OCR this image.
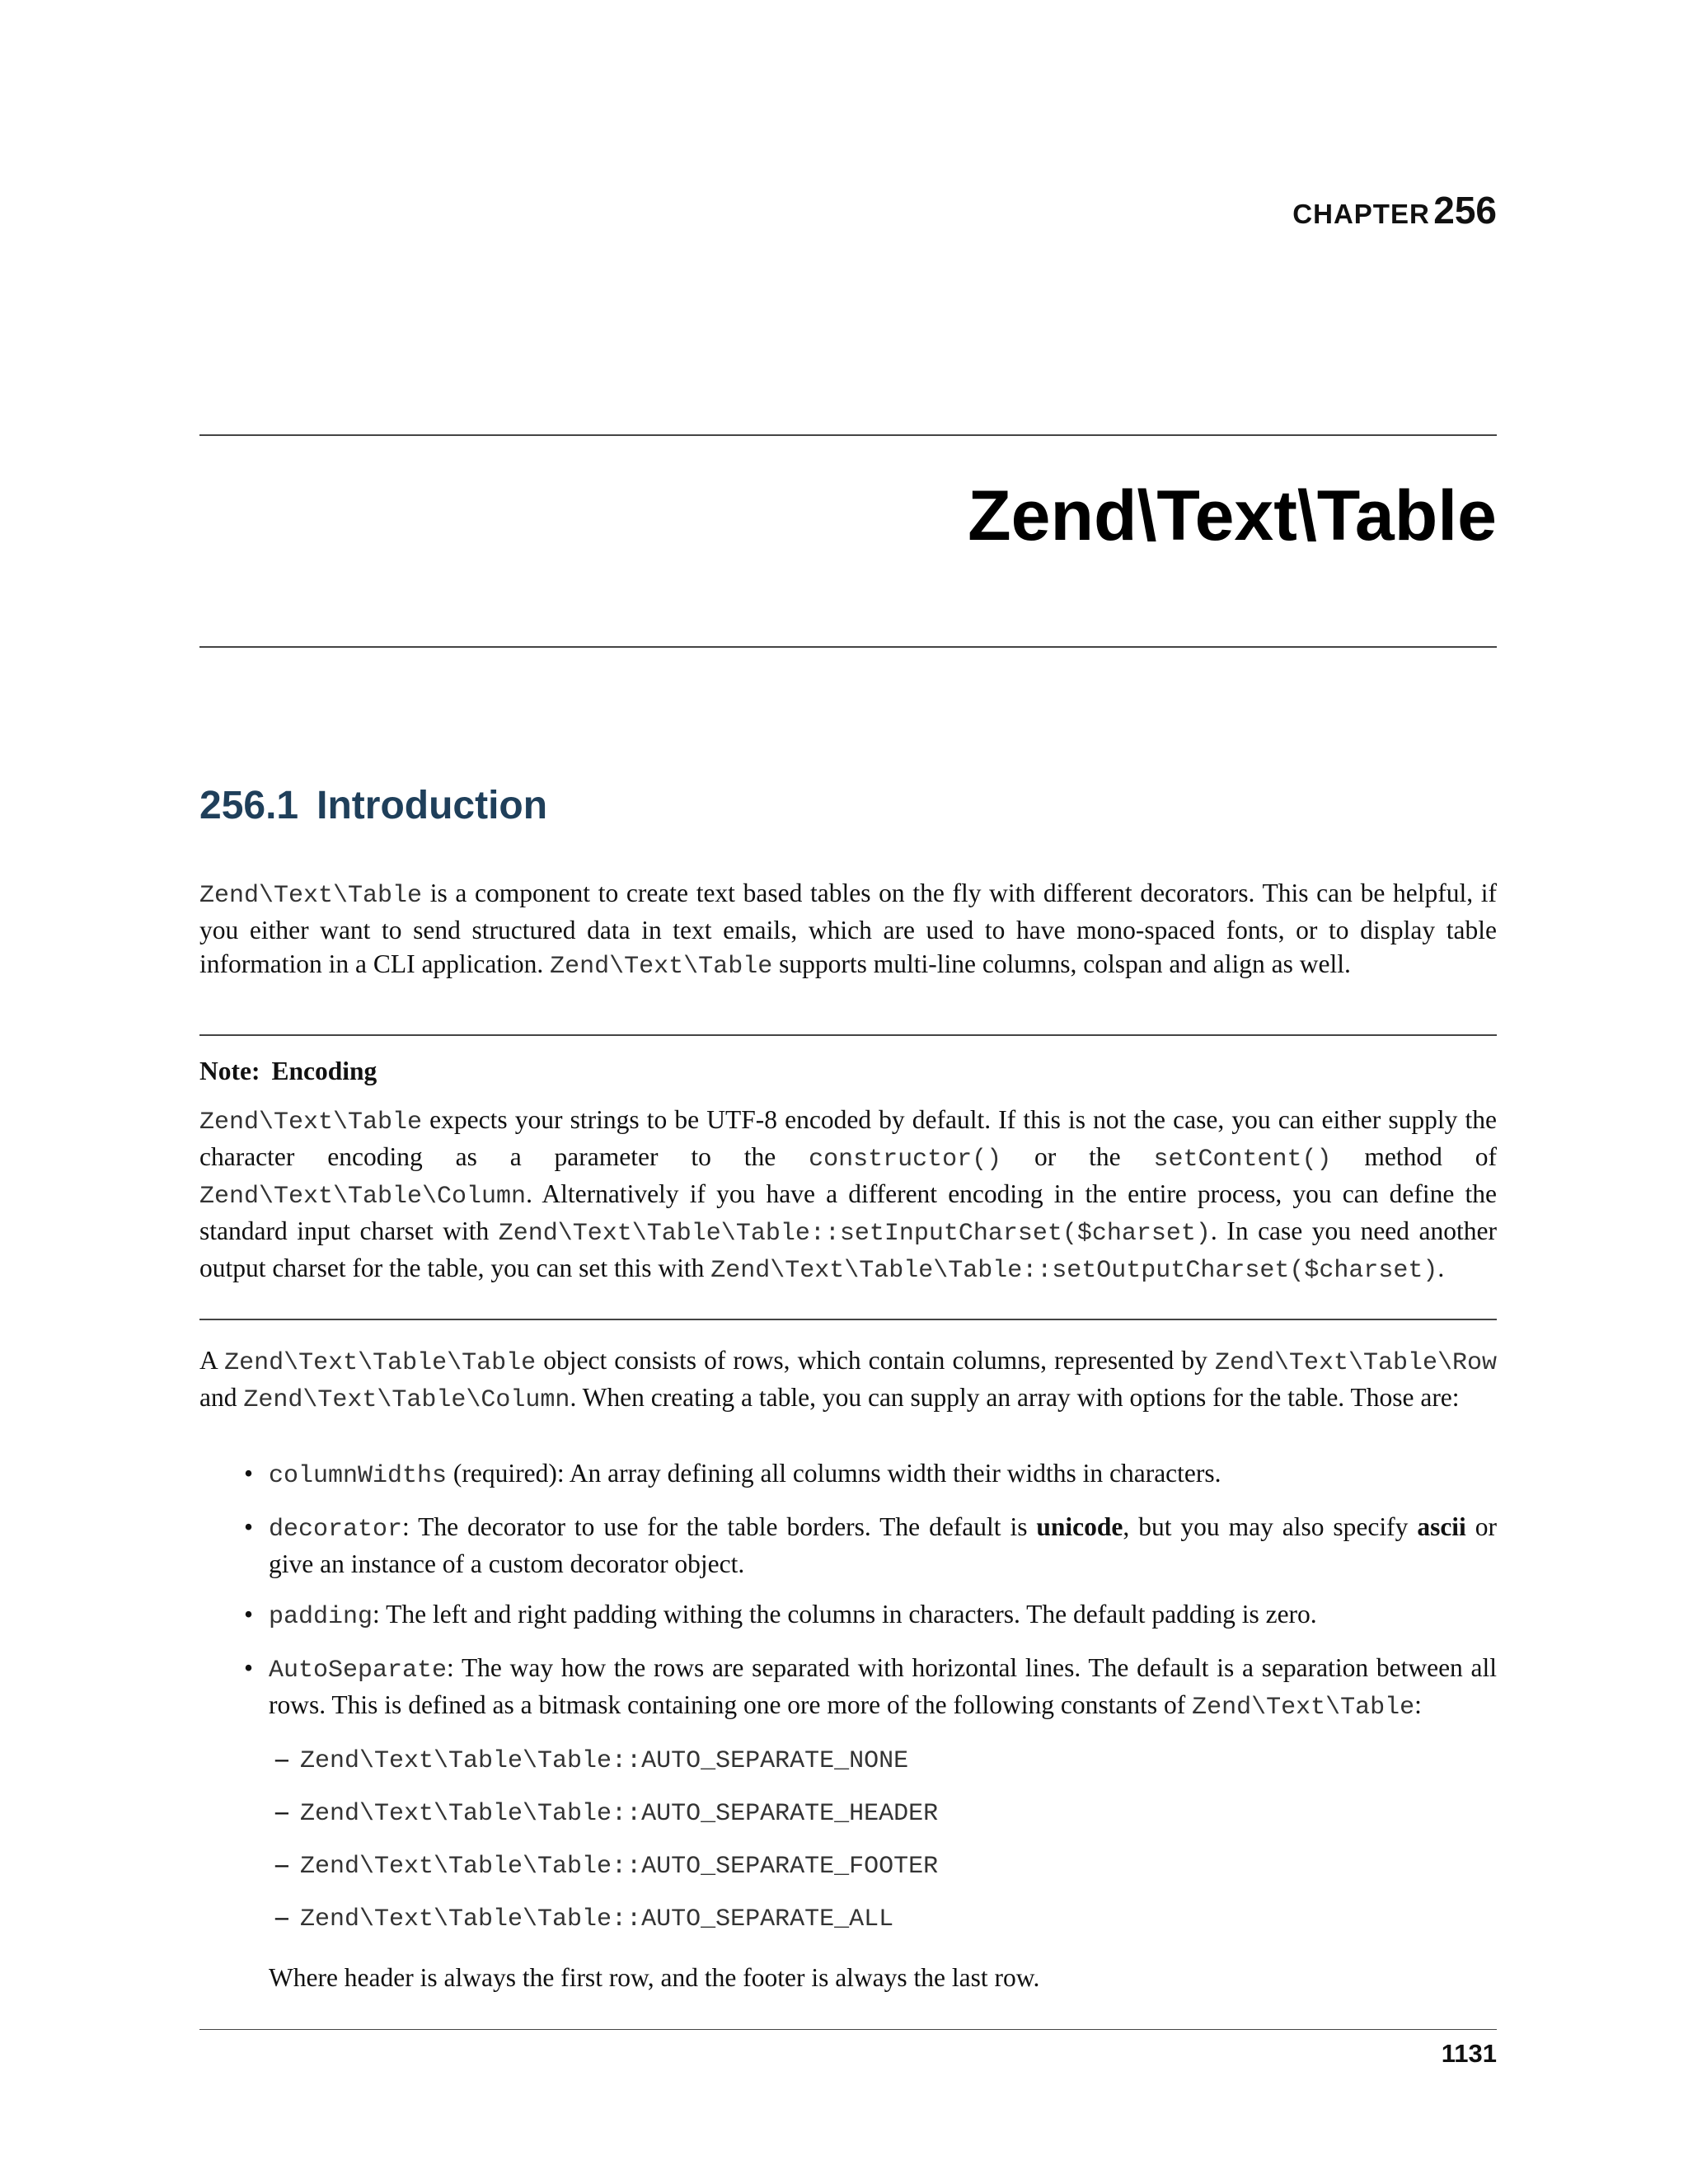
CHAPTER 256
Zend\Text\Table
256.1 Introduction

Zend\Text\Table is a component to create text based tables on the fly with different decorators. This can be helpful, if you either want to send structured data in text emails, which are used to have mono-spaced fonts, or to display table information in a CLI application. Zend\Text\Table supports multi-line columns, colspan and align as well.

Note: Encoding

Zend\Text\Table expects your strings to be UTF-8 encoded by default. If this is not the case, you can either supply the character encoding as a parameter to the constructor() or the setContent() method of Zend\Text\Table\Column. Alternatively if you have a different encoding in the entire process, you can define the standard input charset with Zend\Text\Table\Table::setInputCharset($charset). In case you need another output charset for the table, you can set this with Zend\Text\Table\Table::setOutputCharset($charset).

A Zend\Text\Table\Table object consists of rows, which contain columns, represented by Zend\Text\Table\Row and Zend\Text\Table\Column. When creating a table, you can supply an array with options for the table. Those are:

• columnWidths (required): An array defining all columns width their widths in characters.
• decorator: The decorator to use for the table borders. The default is unicode, but you may also specify ascii or give an instance of a custom decorator object.
• padding: The left and right padding withing the columns in characters. The default padding is zero.
• AutoSeparate: The way how the rows are separated with horizontal lines. The default is a separation between all rows. This is defined as a bitmask containing one ore more of the following constants of Zend\Text\Table:
– Zend\Text\Table\Table::AUTO_SEPARATE_NONE
– Zend\Text\Table\Table::AUTO_SEPARATE_HEADER
– Zend\Text\Table\Table::AUTO_SEPARATE_FOOTER
– Zend\Text\Table\Table::AUTO_SEPARATE_ALL

Where header is always the first row, and the footer is always the last row.

1131
